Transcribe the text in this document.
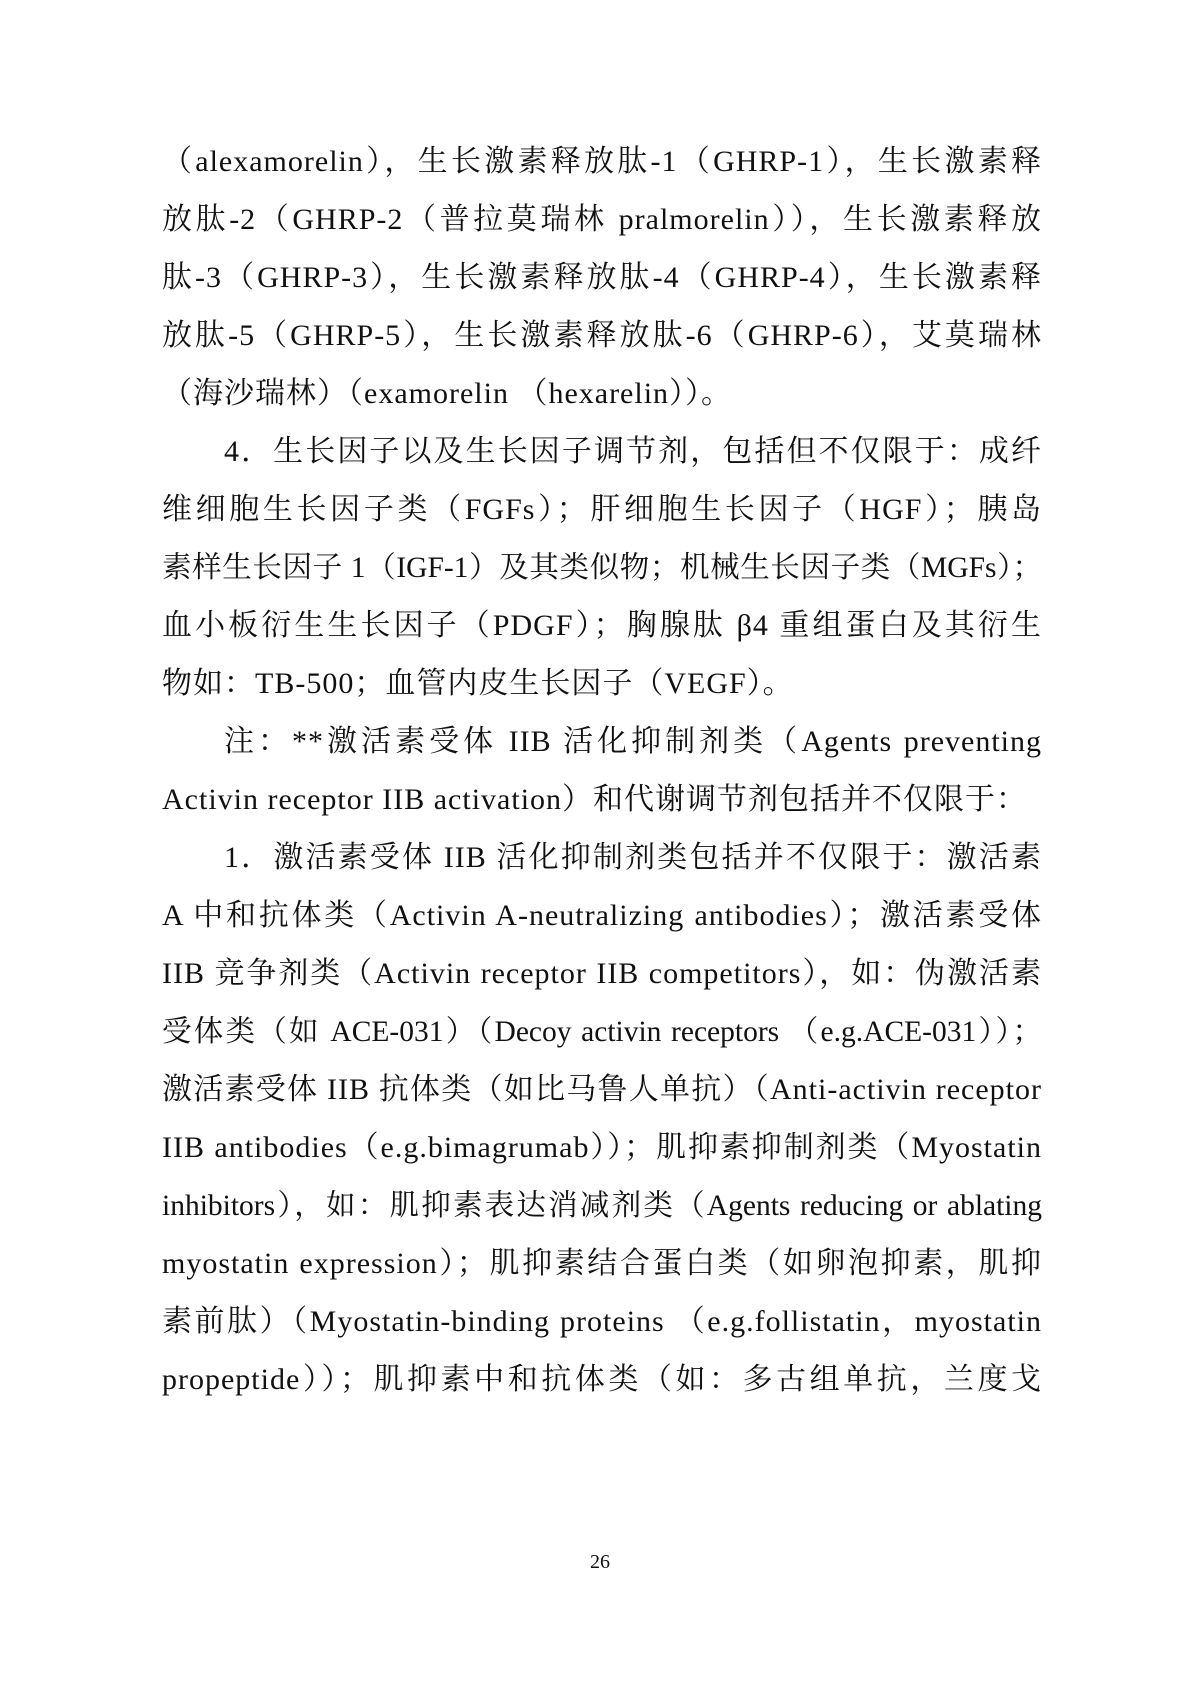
（alexamorelin），生长激素释放肽-1（GHRP-1），生长激素释
放肽-2（GHRP-2（普拉莫瑞林 pralmorelin）），生长激素释放
肽-3（GHRP-3），生长激素释放肽-4（GHRP-4），生长激素释
放肽-5（GHRP-5），生长激素释放肽-6（GHRP-6），艾莫瑞林
（海沙瑞林）（examorelin （hexarelin））。
4．生长因子以及生长因子调节剂，包括但不仅限于：成纤
维细胞生长因子类（FGFs）；肝细胞生长因子（HGF）；胰岛
素样生长因子 1（IGF-1）及其类似物；机械生长因子类（MGFs）；
血小板衍生生长因子（PDGF）；胸腺肽 β4 重组蛋白及其衍生
物如：TB-500；血管内皮生长因子（VEGF）。
注：**激活素受体 IIB 活化抑制剂类（Agents preventing
Activin receptor IIB activation）和代谢调节剂包括并不仅限于：
1．激活素受体 IIB 活化抑制剂类包括并不仅限于：激活素
A 中和抗体类（Activin A-neutralizing antibodies）；激活素受体
IIB 竞争剂类（Activin receptor IIB competitors），如：伪激活素
受体类（如 ACE-031）（Decoy activin receptors （e.g.ACE-031））；
激活素受体 IIB 抗体类（如比马鲁人单抗）（Anti-activin receptor
IIB antibodies（e.g.bimagrumab））；肌抑素抑制剂类（Myostatin
inhibitors），如：肌抑素表达消减剂类（Agents reducing or ablating
myostatin expression）；肌抑素结合蛋白类（如卵泡抑素，肌抑
素前肽）（Myostatin-binding proteins （e.g.follistatin，myostatin
propeptide））；肌抑素中和抗体类（如：多古组单抗，兰度戈
26
